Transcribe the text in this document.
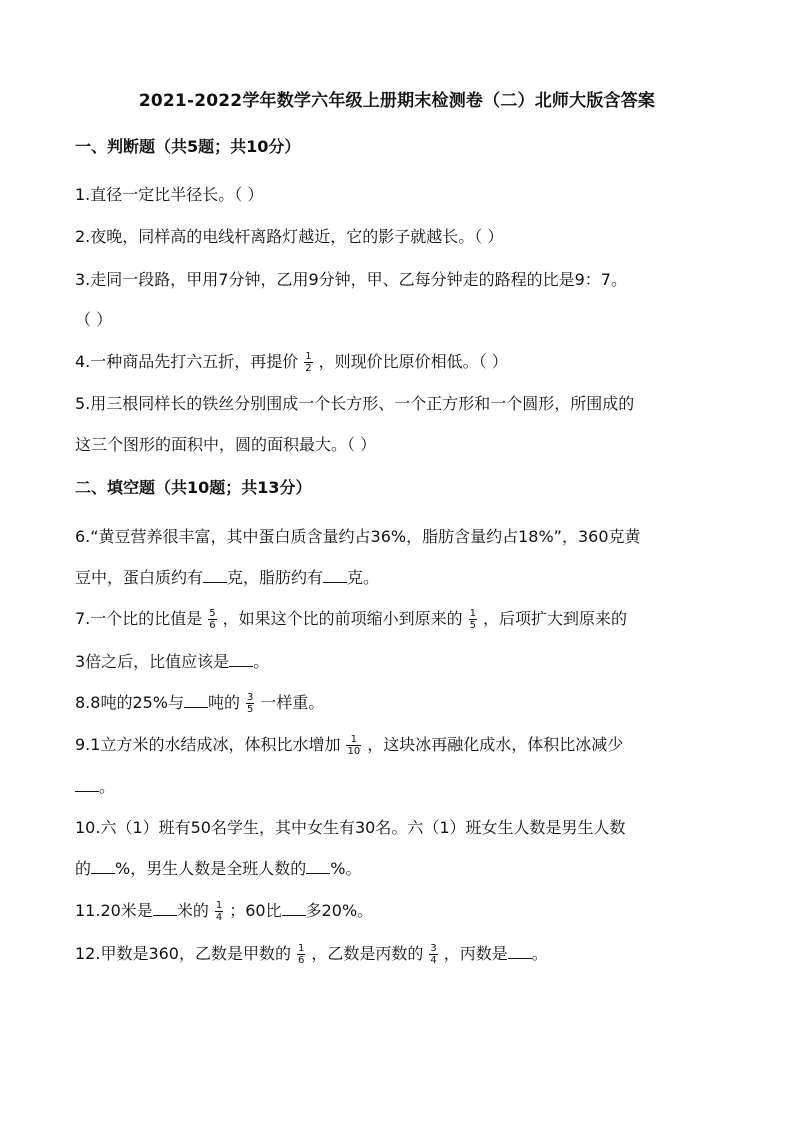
2021-2022学年数学六年级上册期末检测卷（二）北师大版含答案
一、判断题（共5题；共10分）
1.直径一定比半径长。（ ）
2.夜晚，同样高的电线杆离路灯越近，它的影子就越长。（ ）
3.走同一段路，甲用7分钟，乙用9分钟，甲、乙每分钟走的路程的比是9：7。
（ ）
4.一种商品先打六五折，再提价 $\frac{1}{2}$ ，则现价比原价相低。（ ）
5.用三根同样长的铁丝分别围成一个长方形、一个正方形和一个圆形，所围成的
这三个图形的面积中，圆的面积最大。（ ）
二、填空题（共10题；共13分）
6.“黄豆营养很丰富，其中蛋白质含量约占36%，脂肪含量约占18%”，360克黄
豆中，蛋白质约有 克，脂肪约有 克。
7.一个比的比值是 $\frac{5}{6}$ ，如果这个比的前项缩小到原来的 $\frac{1}{5}$ ，后项扩大到原来的
3倍之后，比值应该是 。
8.8吨的25%与 吨的 $\frac{3}{5}$ 一样重。
9.1立方米的水结成冰，体积比水增加 $\frac{1}{10}$ ，这块冰再融化成水，体积比冰减少
。
10.六（1）班有50名学生，其中女生有30名。六（1）班女生人数是男生人数
的 %，男生人数是全班人数的 %。
11.20米是 米的 $\frac{1}{4}$ ；60比 多20%。
12.甲数是360，乙数是甲数的 $\frac{1}{6}$ ，乙数是丙数的 $\frac{3}{4}$ ，丙数是 。
